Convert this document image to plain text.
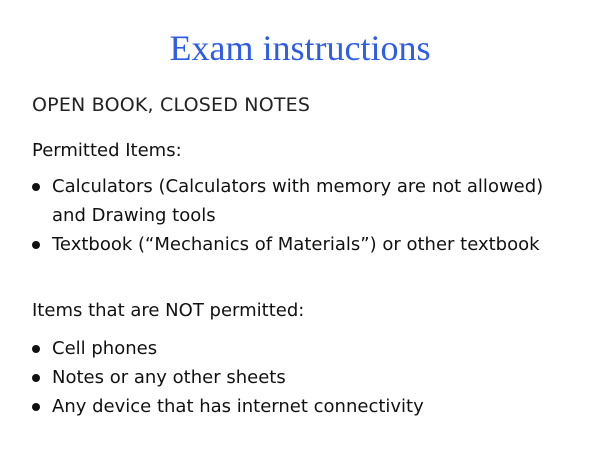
Exam instructions
OPEN BOOK, CLOSED NOTES
Permitted Items:
Calculators (Calculators with memory are not allowed) and Drawing tools
Textbook (“Mechanics of Materials”) or other textbook
Items that are NOT permitted:
Cell phones
Notes or any other sheets
Any device that has internet connectivity
